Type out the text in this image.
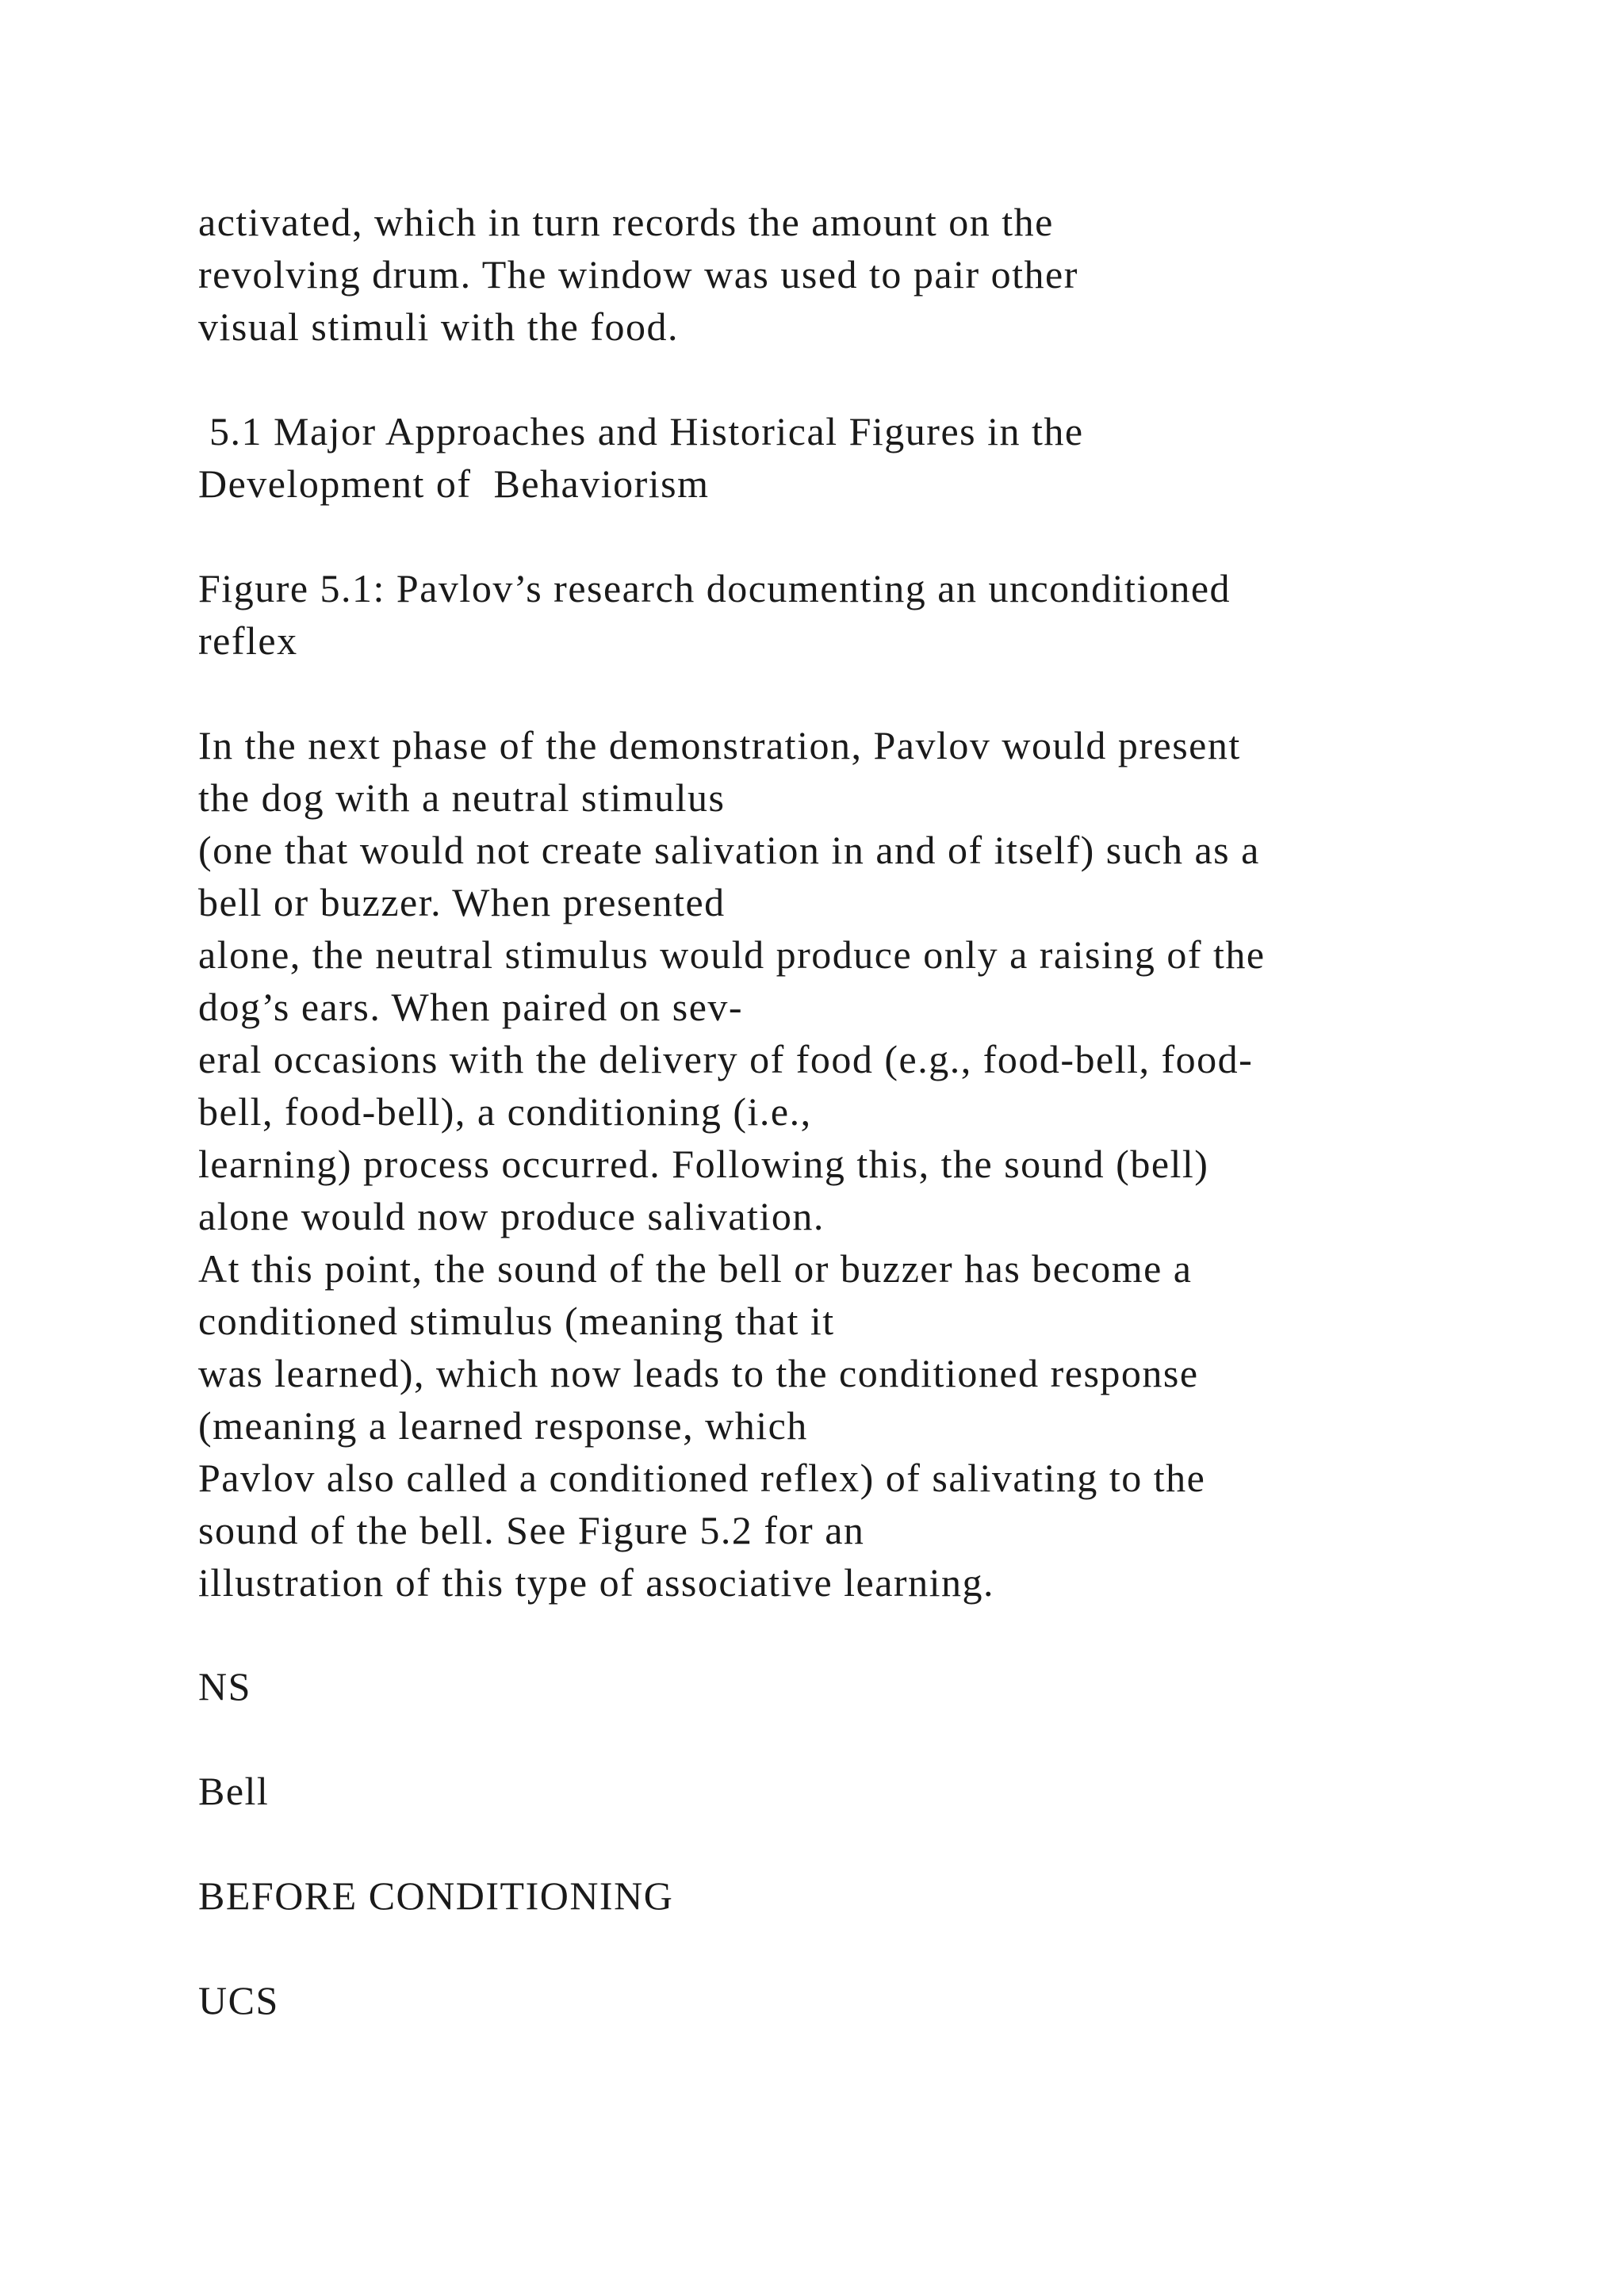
activated, which in turn records the amount on the
revolving drum. The window was used to pair other
visual stimuli with the food.

5.1 Major Approaches and Historical Figures in the
Development of  Behaviorism

Figure 5.1: Pavlov’s research documenting an unconditioned
reflex

In the next phase of the demonstration, Pavlov would present
the dog with a neutral stimulus
(one that would not create salivation in and of itself) such as a
bell or buzzer. When presented
alone, the neutral stimulus would produce only a raising of the
dog’s ears. When paired on sev-
eral occasions with the delivery of food (e.g., food-bell, food-
bell, food-bell), a conditioning (i.e.,
learning) process occurred. Following this, the sound (bell)
alone would now produce salivation.
At this point, the sound of the bell or buzzer has become a
conditioned stimulus (meaning that it
was learned), which now leads to the conditioned response
(meaning a learned response, which
Pavlov also called a conditioned reflex) of salivating to the
sound of the bell. See Figure 5.2 for an
illustration of this type of associative learning.

NS

Bell

BEFORE CONDITIONING

UCS
